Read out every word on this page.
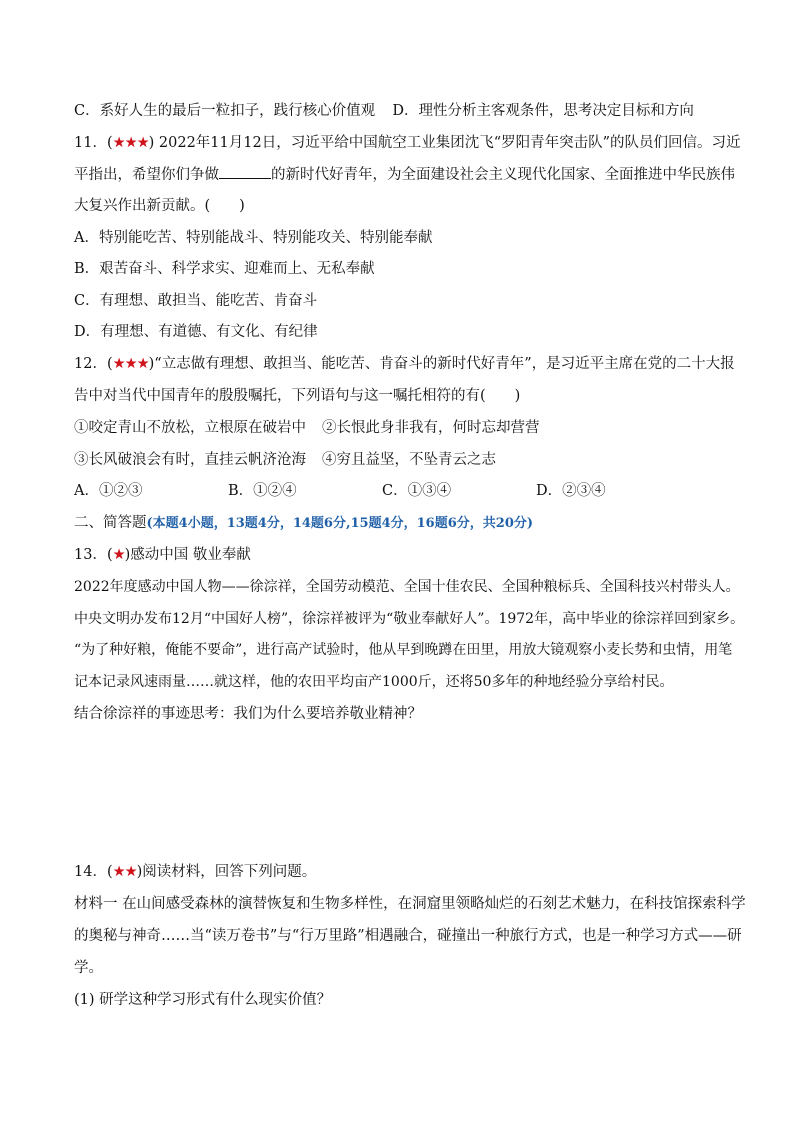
C．系好人生的最后一粒扣子，践行核心价值观 D．理性分析主客观条件，思考决定目标和方向
11．(★★★) 2022年11月12日，习近平给中国航空工业集团沈飞“罗阳青年突击队”的队员们回信。习近
平指出，希望你们争做	的新时代好青年，为全面建设社会主义现代化国家、全面推进中华民族伟
大复兴作出新贡献。(　　)
A．特别能吃苦、特别能战斗、特别能攻关、特别能奉献
B．艰苦奋斗、科学求实、迎难而上、无私奉献
C．有理想、敢担当、能吃苦、肯奋斗
D．有理想、有道德、有文化、有纪律
12．(★★★)“立志做有理想、敢担当、能吃苦、肯奋斗的新时代好青年”，是习近平主席在党的二十大报
告中对当代中国青年的殷殷嘱托，下列语句与这一嘱托相符的有(　　)
①咬定青山不放松，立根原在破岩中 ②长恨此身非我有，何时忘却营营
③长风破浪会有时，直挂云帆济沧海 ④穷且益坚，不坠青云之志
A．①②③	B．①②④	C．①③④	D．②③④
二、简答题(本题4小题，13题4分，14题6分,15题4分，16题6分，共20分)
13．(★)感动中国 敬业奉献
2022年度感动中国人物——徐淙祥，全国劳动模范、全国十佳农民、全国种粮标兵、全国科技兴村带头人。
中央文明办发布12月“中国好人榜”，徐淙祥被评为“敬业奉献好人”。1972年，高中毕业的徐淙祥回到家乡。
“为了种好粮，俺能不要命”，进行高产试验时，他从早到晚蹲在田里，用放大镜观察小麦长势和虫情，用笔
记本记录风速雨量……就这样，他的农田平均亩产1000斤，还将50多年的种地经验分享给村民。
结合徐淙祥的事迹思考：我们为什么要培养敬业精神？
14．(★★)阅读材料，回答下列问题。
材料一 在山间感受森林的演替恢复和生物多样性，在洞窟里领略灿烂的石刻艺术魅力，在科技馆探索科学
的奥秘与神奇……当“读万卷书”与“行万里路”相遇融合，碰撞出一种旅行方式，也是一种学习方式——研
学。
(1) 研学这种学习形式有什么现实价值？
